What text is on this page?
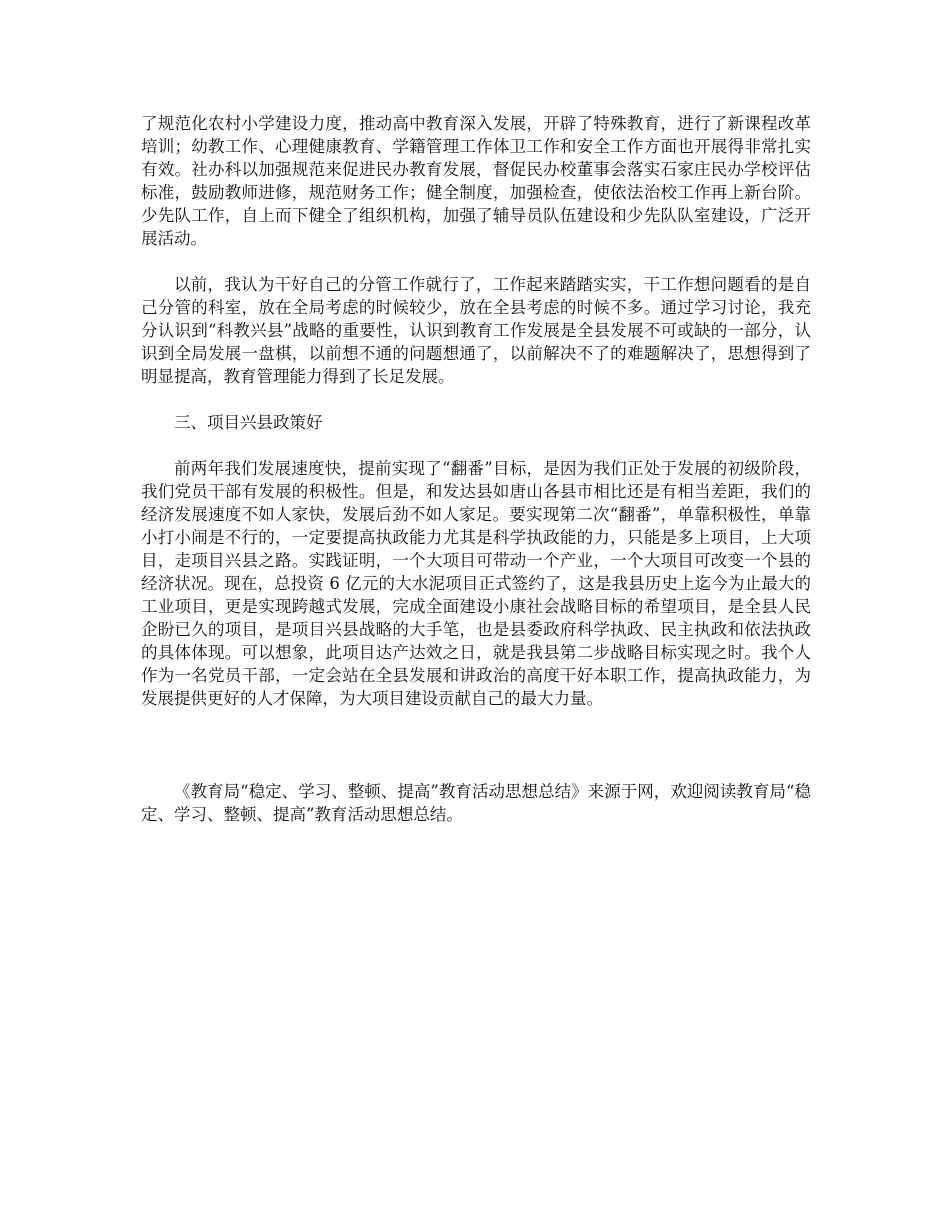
了规范化农村小学建设力度，推动高中教育深入发展，开辟了特殊教育，进行了新课程改革培训；幼教工作、心理健康教育、学籍管理工作体卫工作和安全工作方面也开展得非常扎实有效。社办科以加强规范来促进民办教育发展，督促民办校董事会落实石家庄民办学校评估标准，鼓励教师进修，规范财务工作；健全制度，加强检查，使依法治校工作再上新台阶。少先队工作，自上而下健全了组织机构，加强了辅导员队伍建设和少先队队室建设，广泛开展活动。

以前，我认为干好自己的分管工作就行了，工作起来踏踏实实，干工作想问题看的是自己分管的科室，放在全局考虑的时候较少，放在全县考虑的时候不多。通过学习讨论，我充分认识到“科教兴县”战略的重要性，认识到教育工作发展是全县发展不可或缺的一部分，认识到全局发展一盘棋，以前想不通的问题想通了，以前解决不了的难题解决了，思想得到了明显提高，教育管理能力得到了长足发展。

三、项目兴县政策好

前两年我们发展速度快，提前实现了“翻番”目标，是因为我们正处于发展的初级阶段，我们党员干部有发展的积极性。但是，和发达县如唐山各县市相比还是有相当差距，我们的经济发展速度不如人家快，发展后劲不如人家足。要实现第二次“翻番”，单靠积极性，单靠小打小闹是不行的，一定要提高执政能力尤其是科学执政能的力，只能是多上项目，上大项目，走项目兴县之路。实践证明，一个大项目可带动一个产业，一个大项目可改变一个县的经济状况。现在，总投资 6 亿元的大水泥项目正式签约了，这是我县历史上迄今为止最大的工业项目，更是实现跨越式发展，完成全面建设小康社会战略目标的希望项目，是全县人民企盼已久的项目，是项目兴县战略的大手笔，也是县委政府科学执政、民主执政和依法执政的具体体现。可以想象，此项目达产达效之日，就是我县第二步战略目标实现之时。我个人作为一名党员干部，一定会站在全县发展和讲政治的高度干好本职工作，提高执政能力，为发展提供更好的人才保障，为大项目建设贡献自己的最大力量。

《教育局“稳定、学习、整顿、提高”教育活动思想总结》来源于网，欢迎阅读教育局“稳定、学习、整顿、提高”教育活动思想总结。
